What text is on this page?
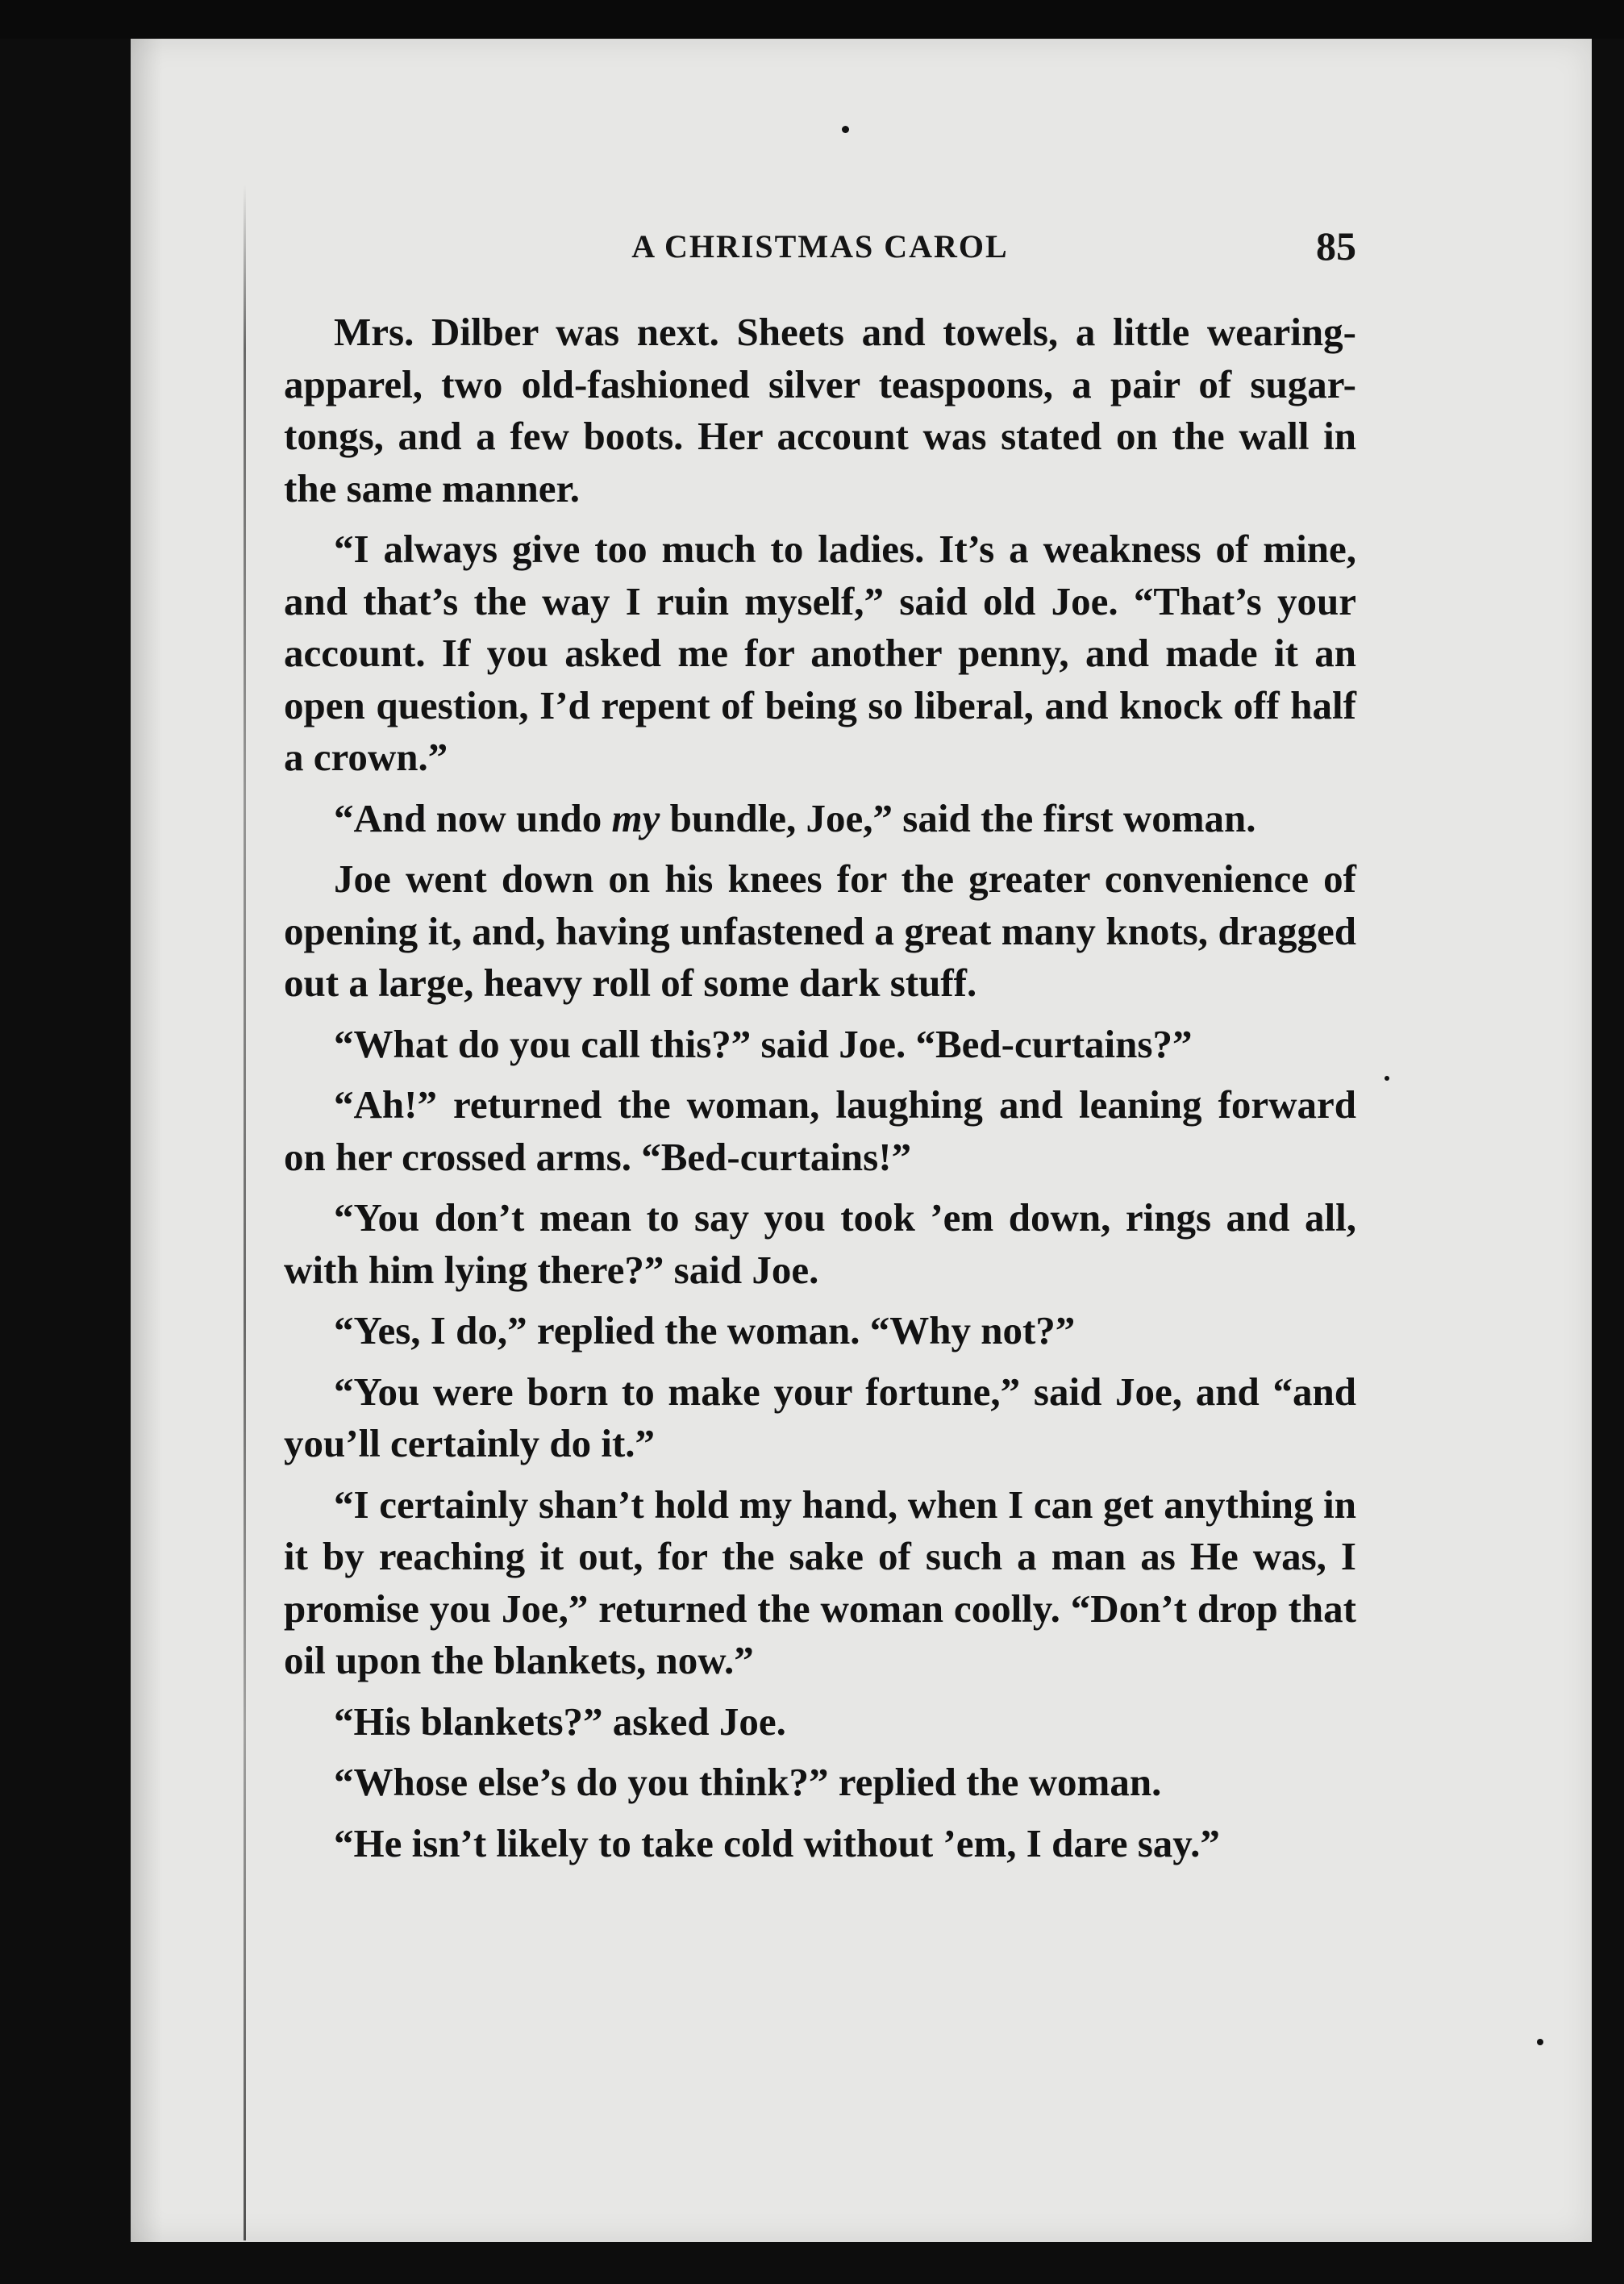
A CHRISTMAS CAROL	85

Mrs. Dilber was next. Sheets and towels, a little wearing-apparel, two old-fashioned silver teaspoons, a pair of sugar-tongs, and a few boots. Her account was stated on the wall in the same manner.

“I always give too much to ladies. It’s a weakness of mine, and that’s the way I ruin myself,” said old Joe. “That’s your account. If you asked me for another penny, and made it an open question, I’d repent of being so liberal, and knock off half a crown.”

“And now undo my bundle, Joe,” said the first woman.

Joe went down on his knees for the greater convenience of opening it, and, having unfastened a great many knots, dragged out a large, heavy roll of some dark stuff.

“What do you call this?” said Joe. “Bed-curtains?”

“Ah!” returned the woman, laughing and leaning forward on her crossed arms. “Bed-curtains!”

“You don’t mean to say you took ’em down, rings and all, with him lying there?” said Joe.

“Yes, I do,” replied the woman. “Why not?”

“You were born to make your fortune,” said Joe, and “and you’ll certainly do it.”

“I certainly shan’t hold my hand, when I can get anything in it by reaching it out, for the sake of such a man as He was, I promise you Joe,” returned the woman coolly. “Don’t drop that oil upon the blankets, now.”

“His blankets?” asked Joe.

“Whose else’s do you think?” replied the woman.

“He isn’t likely to take cold without ’em, I dare say.”
